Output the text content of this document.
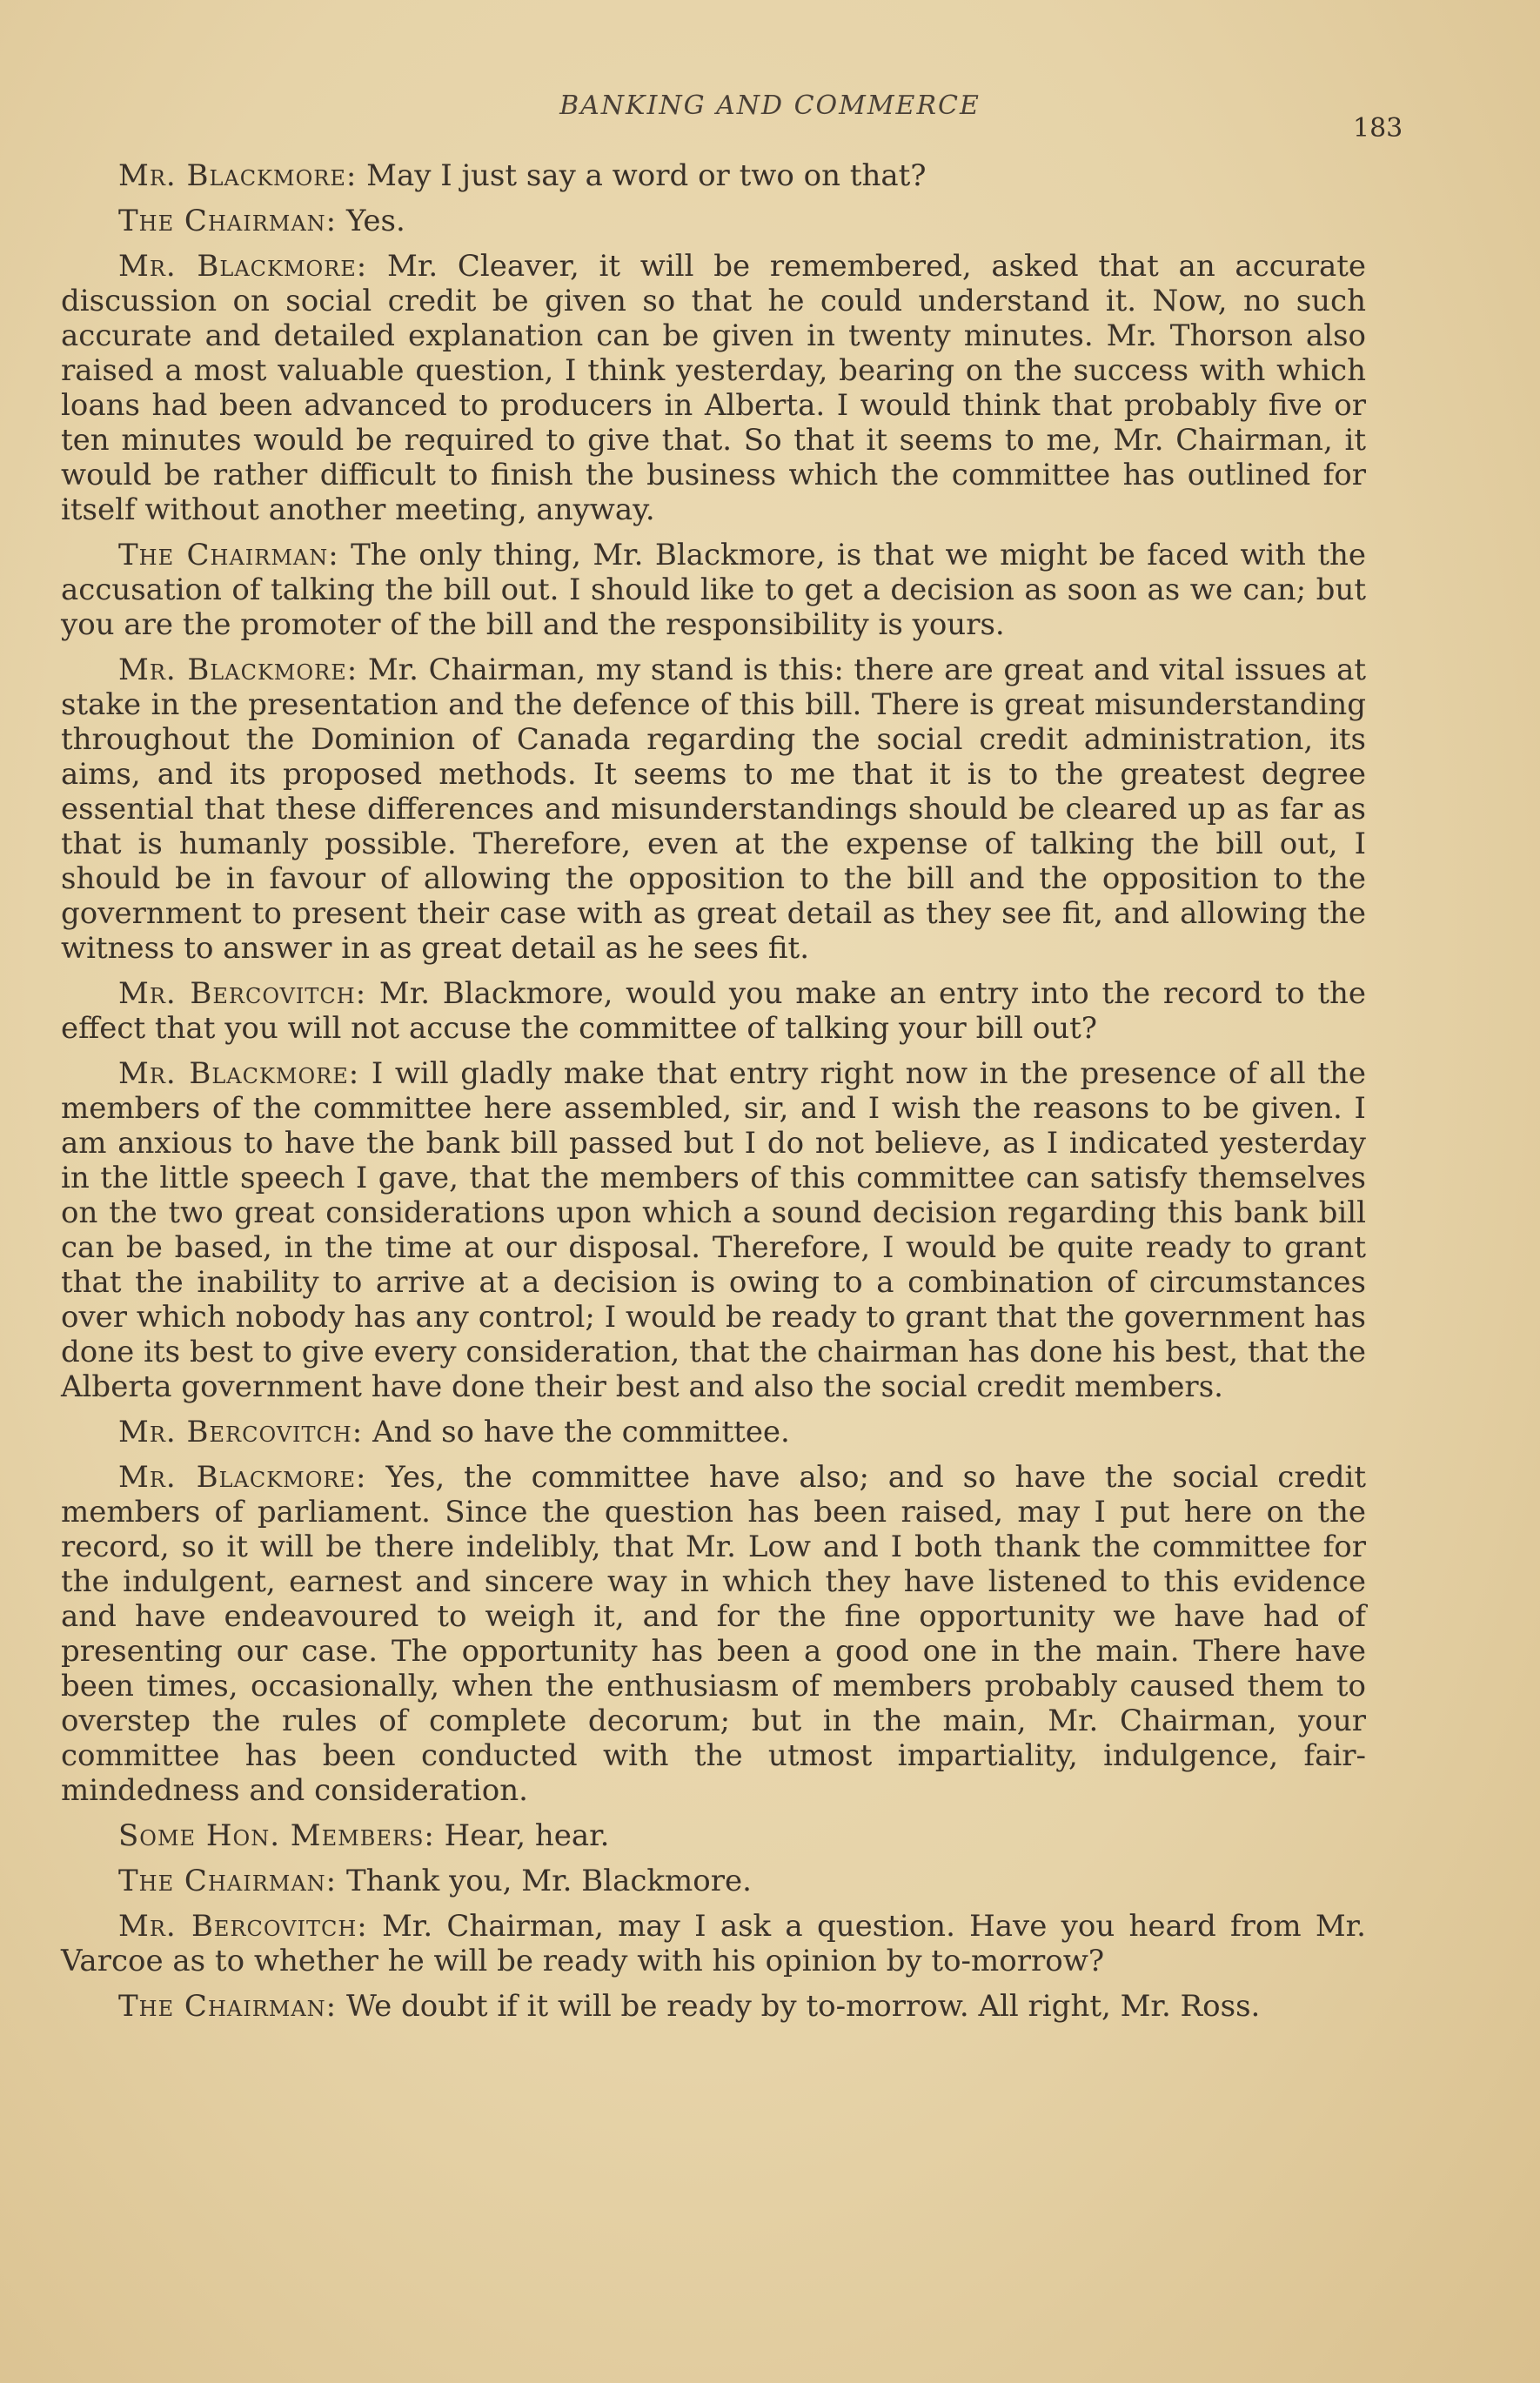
BANKING AND COMMERCE
183

Mr. Blackmore: May I just say a word or two on that?

The Chairman: Yes.

Mr. Blackmore: Mr. Cleaver, it will be remembered, asked that an accurate discussion on social credit be given so that he could understand it. Now, no such accurate and detailed explanation can be given in twenty minutes. Mr. Thorson also raised a most valuable question, I think yesterday, bearing on the success with which loans had been advanced to producers in Alberta. I would think that probably five or ten minutes would be required to give that. So that it seems to me, Mr. Chairman, it would be rather difficult to finish the business which the committee has outlined for itself without another meeting, anyway.

The Chairman: The only thing, Mr. Blackmore, is that we might be faced with the accusation of talking the bill out. I should like to get a decision as soon as we can; but you are the promoter of the bill and the responsibility is yours.

Mr. Blackmore: Mr. Chairman, my stand is this: there are great and vital issues at stake in the presentation and the defence of this bill. There is great misunderstanding throughout the Dominion of Canada regarding the social credit administration, its aims, and its proposed methods. It seems to me that it is to the greatest degree essential that these differences and misunderstandings should be cleared up as far as that is humanly possible. Therefore, even at the expense of talking the bill out, I should be in favour of allowing the opposition to the bill and the opposition to the government to present their case with as great detail as they see fit, and allowing the witness to answer in as great detail as he sees fit.

Mr. Bercovitch: Mr. Blackmore, would you make an entry into the record to the effect that you will not accuse the committee of talking your bill out?

Mr. Blackmore: I will gladly make that entry right now in the presence of all the members of the committee here assembled, sir, and I wish the reasons to be given. I am anxious to have the bank bill passed but I do not believe, as I indicated yesterday in the little speech I gave, that the members of this committee can satisfy themselves on the two great considerations upon which a sound decision regarding this bank bill can be based, in the time at our disposal. Therefore, I would be quite ready to grant that the inability to arrive at a decision is owing to a combination of circumstances over which nobody has any control; I would be ready to grant that the government has done its best to give every consideration, that the chairman has done his best, that the Alberta government have done their best and also the social credit members.

Mr. Bercovitch: And so have the committee.

Mr. Blackmore: Yes, the committee have also; and so have the social credit members of parliament. Since the question has been raised, may I put here on the record, so it will be there indelibly, that Mr. Low and I both thank the committee for the indulgent, earnest and sincere way in which they have listened to this evidence and have endeavoured to weigh it, and for the fine opportunity we have had of presenting our case. The opportunity has been a good one in the main. There have been times, occasionally, when the enthusiasm of members probably caused them to overstep the rules of complete decorum; but in the main, Mr. Chairman, your committee has been conducted with the utmost impartiality, indulgence, fair-mindedness and consideration.

Some Hon. Members: Hear, hear.

The Chairman: Thank you, Mr. Blackmore.

Mr. Bercovitch: Mr. Chairman, may I ask a question. Have you heard from Mr. Varcoe as to whether he will be ready with his opinion by to-morrow?

The Chairman: We doubt if it will be ready by to-morrow. All right, Mr. Ross.
